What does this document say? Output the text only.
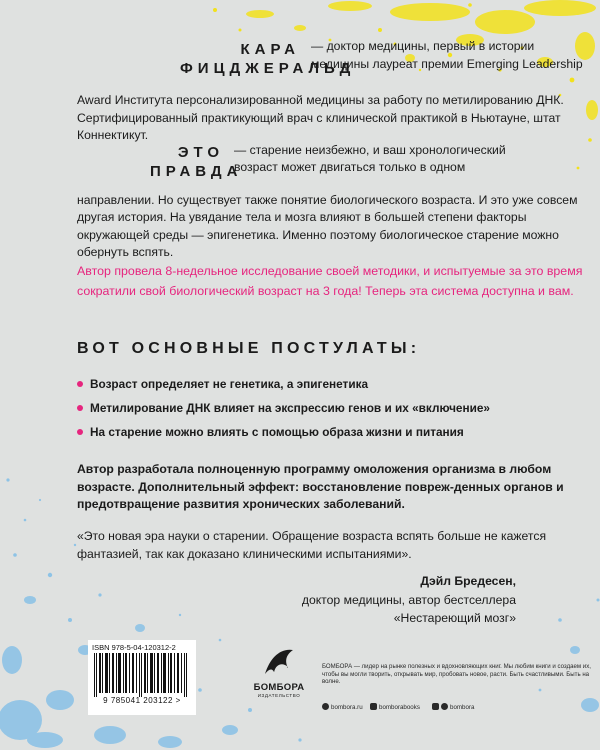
КАРА
ФИЦДЖЕРАЛЬД
— доктор медицины, первый в истории медицины лауреат премии Emerging Leadership
Award Института персонализированной медицины за работу по метилированию ДНК. Сертифицированный практикующий врач с клинической практикой в Ньютауне, штат Коннектикут.
ЭТО
ПРАВДА
— старение неизбежно, и ваш хронологический возраст может двигаться только в одном
направлении. Но существует также понятие биологического возраста. И это уже совсем другая история. На увядание тела и мозга влияют в большей степени факторы окружающей среды — эпигенетика. Именно поэтому биологическое старение можно обернуть вспять.
Автор провела 8-недельное исследование своей методики, и испытуемые за это время сократили свой биологический возраст на 3 года! Теперь эта система доступна и вам.
ВОТ ОСНОВНЫЕ ПОСТУЛАТЫ:
Возраст определяет не генетика, а эпигенетика
Метилирование ДНК влияет на экспрессию генов и их «включение»
На старение можно влиять с помощью образа жизни и питания
Автор разработала полноценную программу омоложения организма в любом возрасте. Дополнительный эффект: восстановление повреж-денных органов и предотвращение развития хронических заболеваний.
«Это новая эра науки о старении. Обращение возраста вспять больше не кажется фантазией, так как доказано клиническими испытаниями».
Дэйл Бредесен,
доктор медицины, автор бестселлера
«Нестареющий мозг»
ISBN 978-5-04-120312-2
9 785041 203122 >
БОМБОРА
ИЗДАТЕЛЬСТВО
БОМБОРА — лидер на рынке полезных и вдохновляющих книг. Мы любим книги и создаем их, чтобы вы могли творить, открывать мир, пробовать новое, расти. Быть счастливыми. Быть на волне.
bombora.ru	bomborabooks	bombora
